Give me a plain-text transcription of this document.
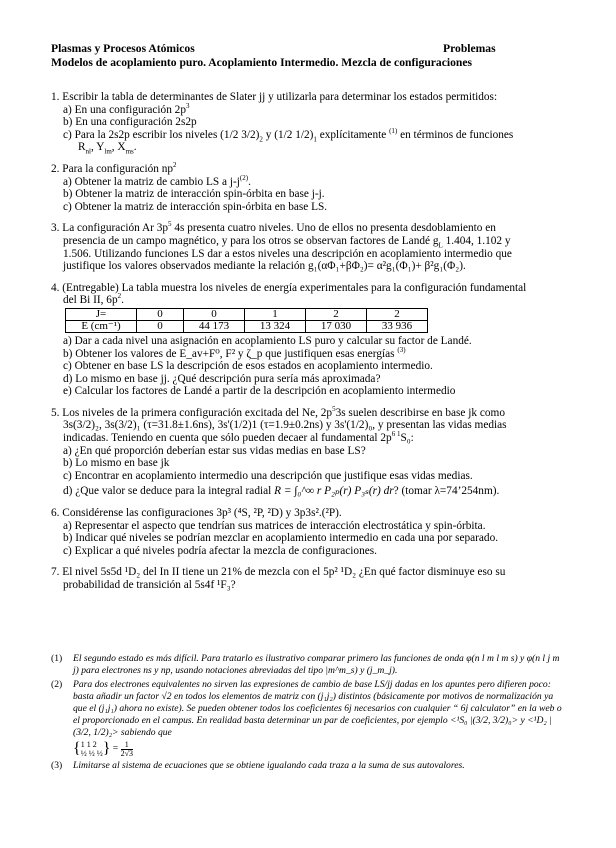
Plasmas y Procesos Atómicos	Problemas
Modelos de acoplamiento puro. Acoplamiento Intermedio. Mezcla de configuraciones
1. Escribir la tabla de determinantes de Slater jj y utilizarla para determinar los estados permitidos:
a) En una configuración $2p^3$
b) En una configuración 2s2p
c) Para la 2s2p escribir los niveles (1/2 $3/2)_2$ y (1/2 $1/2)_1$ explícitamente $^{(1)}$ en términos de funciones
$R_{nl}$, $Y_{lm}$, $X_{ms}$.
2. Para la configuración $np^2$
a) Obtener la matriz de cambio LS a $j-j^{(2)}$.
b) Obtener la matriz de interacción spin-órbita en base j-j.
c) Obtener la matriz de interacción spin-órbita en base LS.
3. La configuración Ar $3p^5$ 4s presenta cuatro niveles. Uno de ellos no presenta desdoblamiento en
presencia de un campo magnético, y para los otros se observan factores de Landé $g_L$ 1.404, 1.102 y
1.506. Utilizando funciones LS dar a estos niveles una descripción en acoplamiento intermedio que
justifique los valores observados mediante la relación g₁(αΦ₁+βΦ₂)= α²g₁(Φ₁)+ β²g₁(Φ₂).
4. (Entregable) La tabla muestra los niveles de energía experimentales para la configuración fundamental
del Bi II, $6p^2$.
J=	0	0	1	2	2
E (cm⁻¹)	0	44 173	13 324	17 030	33 936
a) Dar a cada nivel una asignación en acoplamiento LS puro y calcular su factor de Landé.
b) Obtener los valores de E_av+F⁰, F² y ζ_p que justifiquen esas energías $^{(3)}$
c) Obtener en base LS la descripción de esos estados en acoplamiento intermedio.
d) Lo mismo en base jj. ¿Qué descripción pura sería más aproximada?
e) Calcular los factores de Landé a partir de la descripción en acoplamiento intermedio
5. Los niveles de la primera configuración excitada del Ne, $2p^53s$ suelen describirse en base jk como
3s(3/2)₂, 3s(3/2)₁ (τ=31.8±1.6ns), 3s'(1/2)1 (τ=1.9±0.2ns) y 3s'(1/2)₀, y presentan las vidas medias
indicadas. Teniendo en cuenta que sólo pueden decaer al fundamental $2p^{6 1}S_0$:
a) ¿En qué proporción deberían estar sus vidas medias en base LS?
b) Lo mismo en base jk
c) Encontrar en acoplamiento intermedio una descripción que justifique esas vidas medias.
d) ¿Que valor se deduce para la integral radial R = ∫₀^∞ r P₂ₚ(r) P₃ₛ(r) dr? (tomar λ=74’254nm).
6. Considérense las configuraciones 3p³ (⁴S, ²P, ²D) y 3p3s².(²P).
a) Representar el aspecto que tendrían sus matrices de interacción electrostática y spin-órbita.
b) Indicar qué niveles se podrían mezclar en acoplamiento intermedio en cada una por separado.
c) Explicar a qué niveles podría afectar la mezcla de configuraciones.
7. El nivel 5s5d ¹D₂ del In II tiene un 21% de mezcla con el 5p² ¹D₂ ¿En qué factor disminuye eso su
probabilidad de transición al 5s4f ¹F₃?
(1)	El segundo estado es más difícil. Para tratarlo es ilustrativo comparar primero las funciones de onda φ(n l m l m s) y φ(n l j m j) para electrones ns y np, usando notaciones abreviadas del tipo |m^m_s) y (j_m_j).
(2)	Para dos electrones equivalentes no sirven las expresiones de cambio de base LS/jj dadas en los apuntes pero difieren poco: basta añadir un factor √2 en todos los elementos de matriz con (j₁j₂) distintos (básicamente por motivos de normalización ya que el (j₁j₁) ahora no existe). Se pueden obtener todos los coeficientes 6j necesarios con cualquier “ 6j calculator” en la web o el proporcionado en el campus. En realidad basta determinar un par de coeficientes, por ejemplo <¹S₀ |(3/2, 3/2)₀> y <¹D₂ |(3/2, 1/2)₂> sabiendo que
{ 1 1 2
½ ½ ½ } = $\frac{1}{2√3}$
(3)	Limitarse al sistema de ecuaciones que se obtiene igualando cada traza a la suma de sus autovalores.
